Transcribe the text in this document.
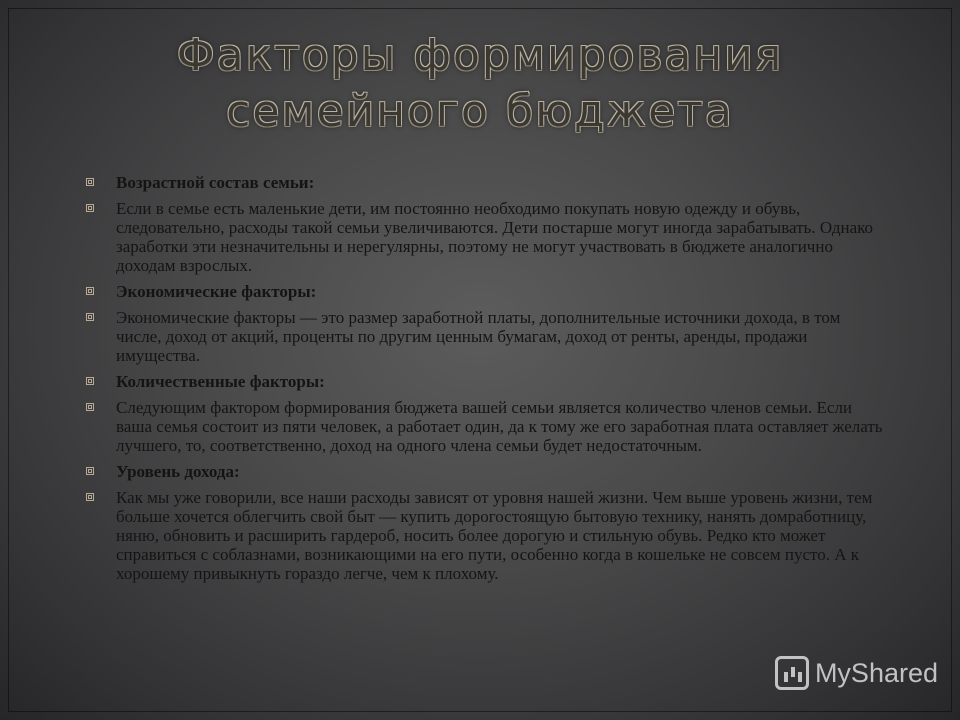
Факторы формирования
семейного бюджета
Возрастной состав семьи:
Если в семье есть маленькие дети, им постоянно необходимо покупать новую одежду и обувь, следовательно, расходы такой семьи увеличиваются. Дети постарше могут иногда зарабатывать. Однако заработки эти незначительны и нерегулярны, поэтому не могут участвовать в бюджете аналогично доходам взрослых.
Экономические факторы:
Экономические факторы — это размер заработной платы, дополнительные источники дохода, в том числе, доход от акций, проценты по другим ценным бумагам, доход от ренты, аренды, продажи имущества.
Количественные факторы:
Следующим фактором формирования бюджета вашей семьи является количество членов семьи. Если ваша семья состоит из пяти человек, а работает один, да к тому же его заработная плата оставляет желать лучшего, то, соответственно, доход на одного члена семьи будет недостаточным.
Уровень дохода:
Как мы уже говорили, все наши расходы зависят от уровня нашей жизни. Чем выше уровень жизни, тем больше хочется облегчить свой быт — купить дорогостоящую бытовую технику, нанять домработницу, няню, обновить и расширить гардероб, носить более дорогую и стильную обувь. Редко кто может справиться с соблазнами, возникающими на его пути, особенно когда в кошельке не совсем пусто. А к хорошему привыкнуть гораздо легче, чем к плохому.
MyShared
